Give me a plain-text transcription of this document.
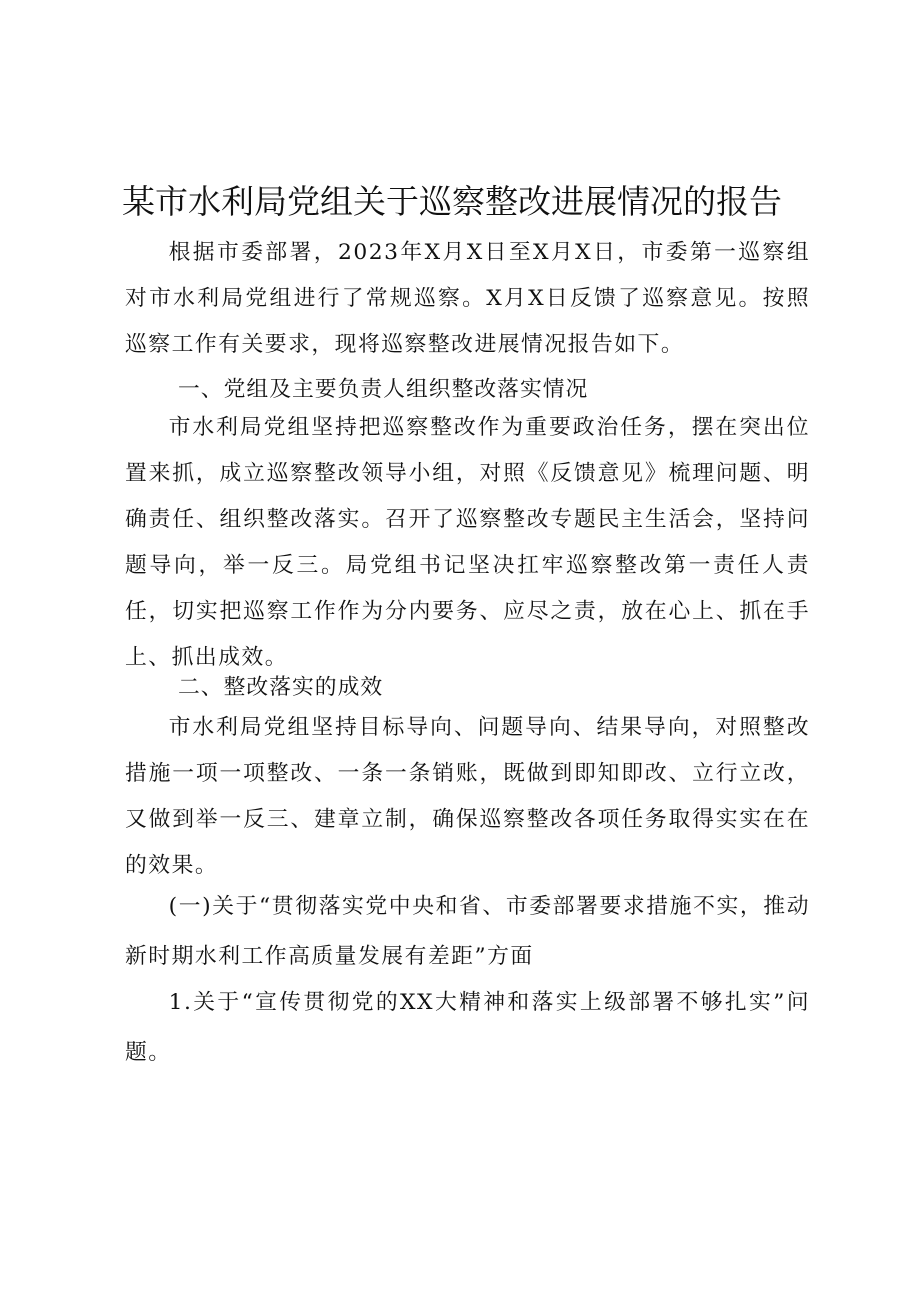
某市水利局党组关于巡察整改进展情况的报告

根据市委部署，2023年X月X日至X月X日，市委第一巡察组对市水利局党组进行了常规巡察。X月X日反馈了巡察意见。按照巡察工作有关要求，现将巡察整改进展情况报告如下。

一、党组及主要负责人组织整改落实情况

市水利局党组坚持把巡察整改作为重要政治任务，摆在突出位置来抓，成立巡察整改领导小组，对照《反馈意见》梳理问题、明确责任、组织整改落实。召开了巡察整改专题民主生活会，坚持问题导向，举一反三。局党组书记坚决扛牢巡察整改第一责任人责任，切实把巡察工作作为分内要务、应尽之责，放在心上、抓在手上、抓出成效。

二、整改落实的成效

市水利局党组坚持目标导向、问题导向、结果导向，对照整改措施一项一项整改、一条一条销账，既做到即知即改、立行立改，又做到举一反三、建章立制，确保巡察整改各项任务取得实实在在的效果。

(一)关于“贯彻落实党中央和省、市委部署要求措施不实，推动新时期水利工作高质量发展有差距”方面

1.关于“宣传贯彻党的XX大精神和落实上级部署不够扎实”问题。
